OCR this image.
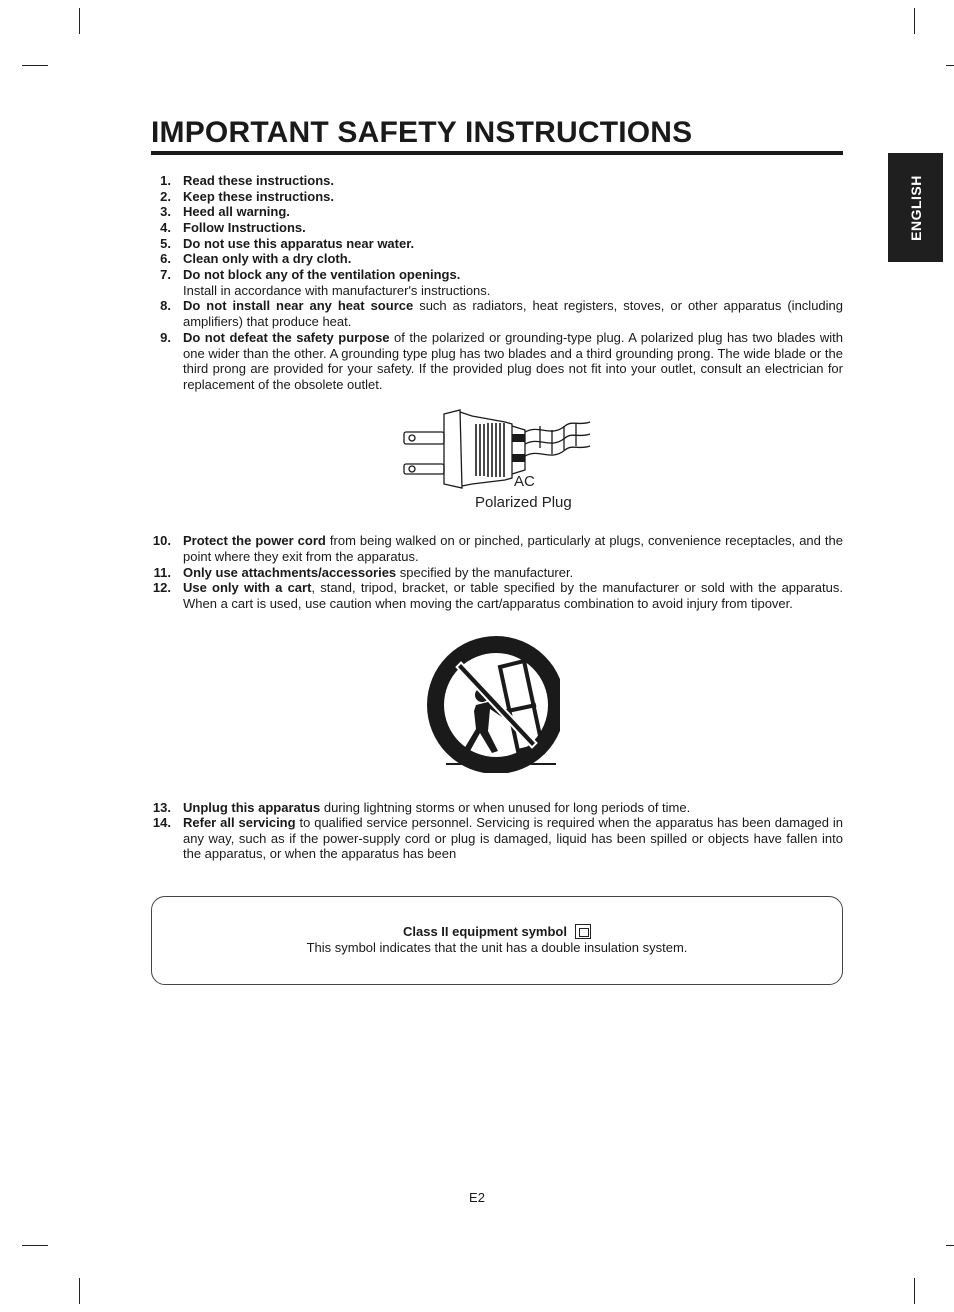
IMPORTANT SAFETY INSTRUCTIONS
ENGLISH
1. Read these instructions.
2. Keep these instructions.
3. Heed all warning.
4. Follow Instructions.
5. Do not use this apparatus near water.
6. Clean only with a dry cloth.
7. Do not block any of the ventilation openings.
Install in accordance with manufacturer's instructions.
8. Do not install near any heat source such as radiators, heat registers, stoves, or other apparatus (including amplifiers) that produce heat.
9. Do not defeat the safety purpose of the polarized or grounding-type plug. A polarized plug has two blades with one wider than the other. A grounding type plug has two blades and a third grounding prong. The wide blade or the third prong are provided for your safety. If the provided plug does not fit into your outlet, consult an electrician for replacement of the obsolete outlet.
AC
Polarized Plug
10. Protect the power cord from being walked on or pinched, particularly at plugs, convenience receptacles, and the point where they exit from the apparatus.
11. Only use attachments/accessories specified by the manufacturer.
12. Use only with a cart, stand, tripod, bracket, or table specified by the manufacturer or sold with the apparatus. When a cart is used, use caution when moving the cart/apparatus combination to avoid injury from tipover.
13. Unplug this apparatus during lightning storms or when unused for long periods of time.
14. Refer all servicing to qualified service personnel. Servicing is required when the apparatus has been damaged in any way, such as if the power-supply cord or plug is damaged, liquid has been spilled or objects have fallen into the apparatus, or when the apparatus has been
Class II equipment symbol
This symbol indicates that the unit has a double insulation system.
E2
